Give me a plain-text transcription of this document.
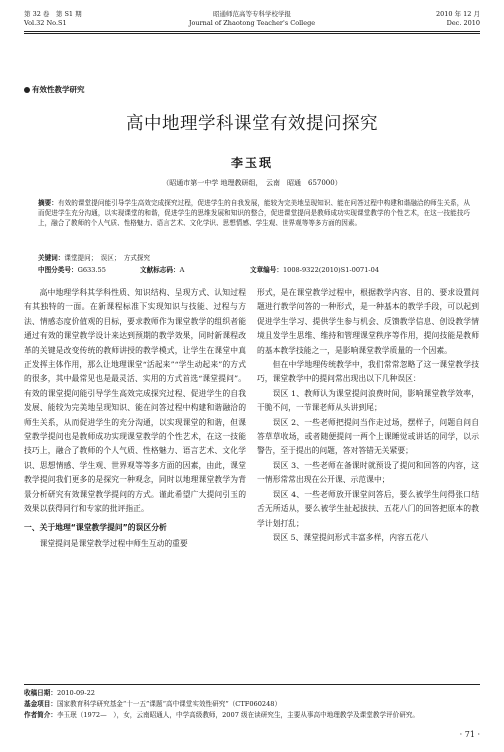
第 32 卷　第 S1 期
Vol.32 No.S1
昭通师范高等专科学校学报
Journal of Zhaotong Teacher's College
2010 年 12 月
Dec. 2010
有效性教学研究
高中地理学科课堂有效提问探究
李玉珉
（昭通市第一中学 地理教研组，　云南　昭通　657000）
摘要：有效的课堂提问能引导学生高效完成探究过程，促进学生的自我发展，能较为完美地呈现知识、能在问答过程中构建和谐融洽的师生关系，从而促进学生充分沟通，以实现课堂的和谐，促进学生的思维发展和知识的整合，促进课堂提问是教师成功实现课堂教学的个性艺术，在这一技能技巧上，融合了教师的个人气质、性格魅力、语言艺术、文化学识、思想情感、学生观、世界观等等多方面的因素。
关键词：课堂提问；　误区；　方式探究
中图分类号：G633.55	文献标志码：A	文章编号：1008-9322(2010)S1-0071-04

高中地理学科其学科性质、知识结构、呈现方式、认知过程有其独特的一面。在新课程标准下实现知识与技能、过程与方法、情感态度价值观的目标，要求教师作为课堂教学的组织者能通过有效的课堂教学设计来达到预期的教学效果，同时新课程改革的关键是改变传统的教师讲授的教学模式，让学生在课堂中真正发挥主体作用，那么让地理课堂“活起来”“学生动起来”的方式的很多，其中最常见也是最灵活、实用的方式首选“课堂提问”。有效的课堂提问能引导学生高效完成探究过程、促进学生的自我发展、能较为完美地呈现知识、能在问答过程中构建和谐融洽的师生关系，从而促进学生的充分沟通，以实现课堂的和谐，但课堂教学提问也是教师成功实现课堂教学的个性艺术，在这一技能技巧上，融合了教师的个人气质、性格魅力、语言艺术、文化学识、思想情感、学生观、世界观等等多方面的因素，由此，课堂教学提问我们更多的是探究一种观念，同时以地理课堂教学为背景分析研究有效课堂教学提问的方式。谨此希望广大提问引玉的效果以获得同行和专家的批评指正。

一、关于地理“课堂教学提问”的误区分析

课堂提问是课堂教学过程中师生互动的重要

形式，是在课堂教学过程中，根据教学内容、目的、要求设置问题进行教学问答的一种形式，是一种基本的教学手段，可以起到促进学生学习、提供学生参与机会、反馈教学信息、创设教学情境且发学生思维、维持和管理课堂秩序等作用，提问技能是教师的基本教学技能之一，是影响课堂教学质量的一个因素。

但在中学地理传统教学中，我们常常忽略了这一课堂教学技巧，课堂教学中的提问常出现出以下几种误区：

误区 1、教师认为课堂提问浪费时间，影响课堂教学效率，干脆不问，一节课老师从头讲到尾；

误区 2、一些老师把提问当作走过场，摆样子，问题自问自答草草收场，或者随便提问一两个上课睡觉或讲话的同学，以示警告，至于提出的问题，答对答错无关紧要；

误区 3、一些老师在备课时就预设了提问和回答的内容，这一情形常常出现在公开课、示范课中；

误区 4、一些老师放开课堂问答后，要么被学生问得张口结舌无所适从，要么被学生扯起拔扶、五花八门的回答把原本的教学计划打乱；

误区 5、课堂提问形式丰富多样，内容五花八

收稿日期：2010-09-22
基金项目：国家教育科学研究基金“十一五”课题“高中课堂实效性研究”（CTF060248）
作者简介：李玉珉（1972—　），女，云南昭通人，中学高级教师，2007 级在读研究生，主要从事高中地理教学及课堂教学评价研究。
· 71 ·
